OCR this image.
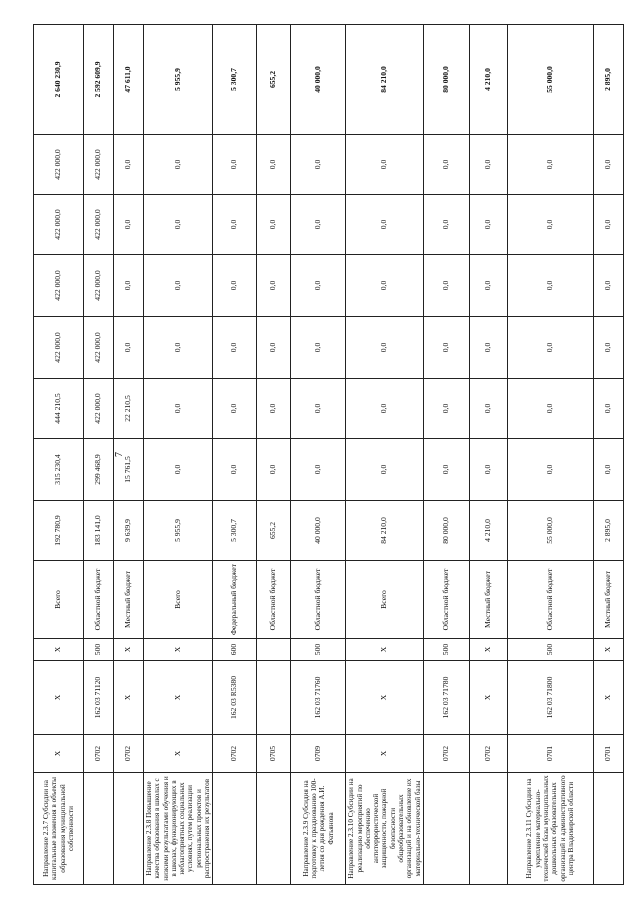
7
Направление 2.3.7 Субсидии на капитальные вложения в объекты образования муниципальной собственности	X	X	X	Всего	192 780,9	315 230,4	444 210,5	422 000,0	422 000,0	422 000,0	422 000,0	2 640 230,9
	0702	162 03 71120	500	Областной бюджет	183 141,0	299 468,9	422 000,0	422 000,0	422 000,0	422 000,0	422 000,0	2 592 609,9
	0702	X	X	Местный бюджет	9 639,9	15 761,5	22 210,5	0,0	0,0	0,0	0,0	47 611,0
Направление 2.3.8 Повышение качества образования в школах с низкими результатами обучения и в школах, функционирующих в неблагоприятных социальных условиях, путем реализации региональных проектов и распространения их результатов	X	X	X	Всего	5 955,9	0,0	0,0	0,0	0,0	0,0	0,0	5 955,9
	0702	162 03 R5380	600	Федеральный бюджет	5 300,7	0,0	0,0	0,0	0,0	0,0	0,0	5 300,7
	0705			Областной бюджет	655,2	0,0	0,0	0,0	0,0	0,0	0,0	655,2
Направление 2.3.9 Субсидия на подготовку к празднованию 100-летия со дня рождения А.И. Фатьянова	0709	162 03 71760	500	Областной бюджет	40 000,0	0,0	0,0	0,0	0,0	0,0	0,0	40 000,0
Направление 2.3.10 Субсидии на реализацию мероприятий по обеспечению антитеррористической защищенности, пожарной безопасности общеобразовательных организаций и на обновление их материально-технической базы	X	X	X	Всего	84 210,0	0,0	0,0	0,0	0,0	0,0	0,0	84 210,0
	0702	162 03 71780	500	Областной бюджет	80 000,0	0,0	0,0	0,0	0,0	0,0	0,0	80 000,0
	0702	X	X	Местный бюджет	4 210,0	0,0	0,0	0,0	0,0	0,0	0,0	4 210,0
Направление 2.3.11 Субсидии на укрепление материально-технической базы муниципальных дошкольных образовательных организаций и административного центра Владимирской области	0701	162 03 71800	500	Областной бюджет	55 000,0	0,0	0,0	0,0	0,0	0,0	0,0	55 000,0
	0701	X	X	Местный бюджет	2 895,0	0,0	0,0	0,0	0,0	0,0	0,0	2 895,0
